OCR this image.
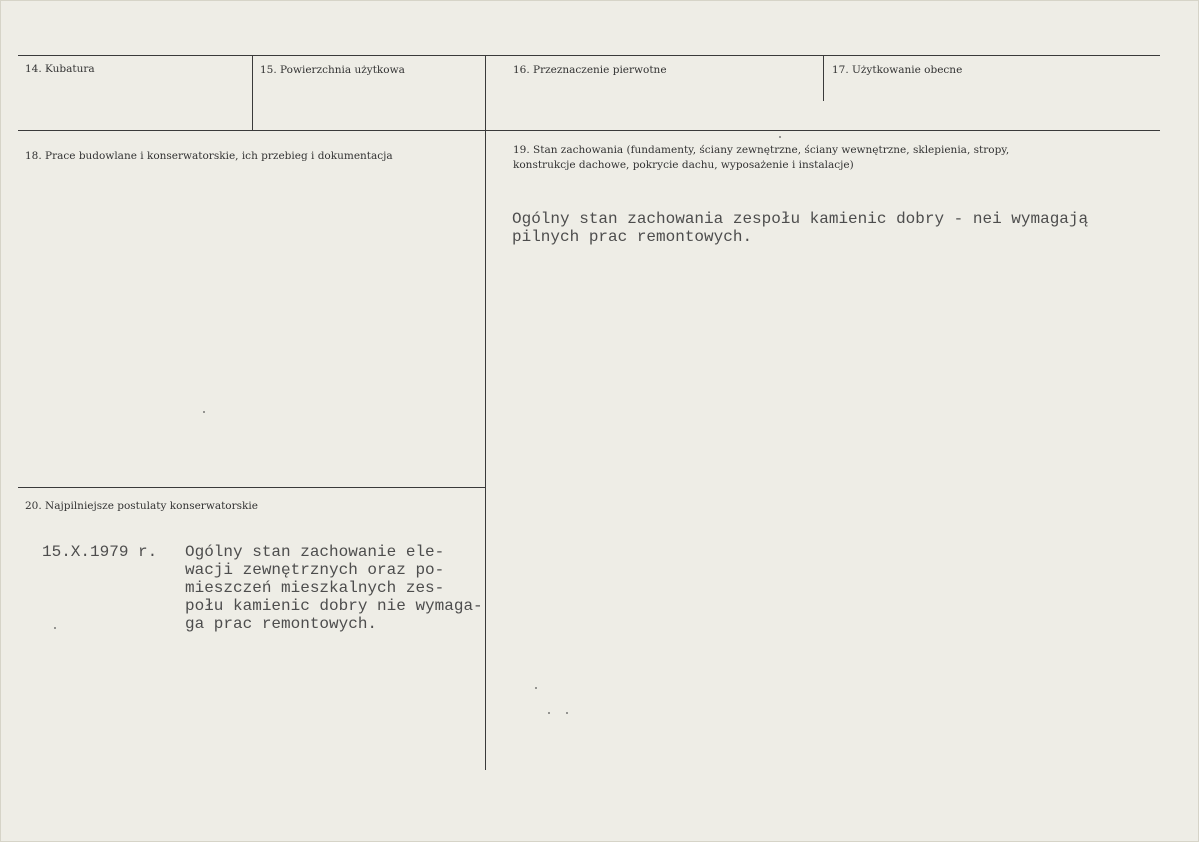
14. Kubatura	15. Powierzchnia użytkowa	16. Przeznaczenie pierwotne	17. Użytkowanie obecne
18. Prace budowlane i konserwatorskie, ich przebieg i dokumentacja	19. Stan zachowania (fundamenty, ściany zewnętrzne, ściany wewnętrzne, sklepienia, stropy,
konstrukcje dachowe, pokrycie dachu, wyposażenie i instalacje)
20. Najpilniejsze postulaty konserwatorskie
Ogólny stan zachowania zespołu kamienic dobry - nei wymagają
pilnych prac remontowych.
15.X.1979 r. Ogólny stan zachowanie ele-
wacji zewnętrznych oraz po-
mieszczeń mieszkalnych zes-
połu kamienic dobry nie wymaga-
ga prac remontowych.
